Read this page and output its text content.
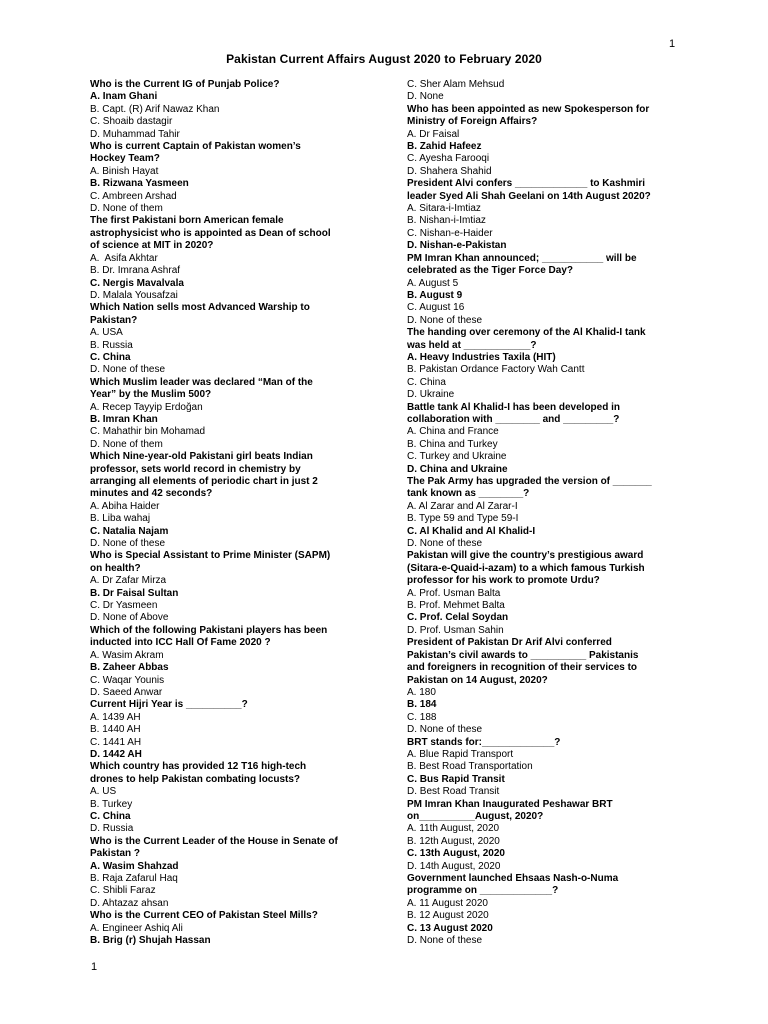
1
Pakistan Current Affairs August 2020 to February 2020
Who is the Current IG of Punjab Police?
A. Inam Ghani
B. Capt. (R) Arif Nawaz Khan
C. Shoaib dastagir
D. Muhammad Tahir
Who is current Captain of Pakistan women’s
Hockey Team?
A. Binish Hayat
B. Rizwana Yasmeen
C. Ambreen Arshad
D. None of them
The first Pakistani born American female
astrophysicist who is appointed as Dean of school
of science at MIT in 2020?
A.  Asifa Akhtar
B. Dr. Imrana Ashraf
C. Nergis Mavalvala
D. Malala Yousafzai
Which Nation sells most Advanced Warship to
Pakistan?
A. USA
B. Russia
C. China
D. None of these
Which Muslim leader was declared “Man of the
Year” by the Muslim 500?
A. Recep Tayyip Erdoğan
B. Imran Khan
C. Mahathir bin Mohamad
D. None of them
Which Nine-year-old Pakistani girl beats Indian
professor, sets world record in chemistry by
arranging all elements of periodic chart in just 2
minutes and 42 seconds?
A. Abiha Haider
B. Liba wahaj
C. Natalia Najam
D. None of these
Who is Special Assistant to Prime Minister (SAPM)
on health?
A. Dr Zafar Mirza
B. Dr Faisal Sultan
C. Dr Yasmeen
D. None of Above
Which of the following Pakistani players has been
inducted into ICC Hall Of Fame 2020 ?
A. Wasim Akram
B. Zaheer Abbas
C. Waqar Younis
D. Saeed Anwar
Current Hijri Year is __________?
A. 1439 AH
B. 1440 AH
C. 1441 AH
D. 1442 AH
Which country has provided 12 T16 high-tech
drones to help Pakistan combating locusts?
A. US
B. Turkey
C. China
D. Russia
Who is the Current Leader of the House in Senate of
Pakistan ?
A. Wasim Shahzad
B. Raja Zafarul Haq
C. Shibli Faraz
D. Ahtazaz ahsan
Who is the Current CEO of Pakistan Steel Mills?
A. Engineer Ashiq Ali
B. Brig (r) Shujah Hassan
C. Sher Alam Mehsud
D. None
Who has been appointed as new Spokesperson for
Ministry of Foreign Affairs?
A. Dr Faisal
B. Zahid Hafeez
C. Ayesha Farooqi
D. Shahera Shahid
President Alvi confers _____________ to Kashmiri
leader Syed Ali Shah Geelani on 14th August 2020?
A. Sitara-i-Imtiaz
B. Nishan-i-Imtiaz
C. Nishan-e-Haider
D. Nishan-e-Pakistan
PM Imran Khan announced; ___________ will be
celebrated as the Tiger Force Day?
A. August 5
B. August 9
C. August 16
D. None of these
The handing over ceremony of the Al Khalid-I tank
was held at ____________?
A. Heavy Industries Taxila (HIT)
B. Pakistan Ordance Factory Wah Cantt
C. China
D. Ukraine
Battle tank Al Khalid-I has been developed in
collaboration with ________ and _________?
A. China and France
B. China and Turkey
C. Turkey and Ukraine
D. China and Ukraine
The Pak Army has upgraded the version of _______
tank known as ________?
A. Al Zarar and Al Zarar-I
B. Type 59 and Type 59-I
C. Al Khalid and Al Khalid-I
D. None of these
Pakistan will give the country’s prestigious award
(Sitara-e-Quaid-i-azam) to a which famous Turkish
professor for his work to promote Urdu?
A. Prof. Usman Balta
B. Prof. Mehmet Balta
C. Prof. Celal Soydan
D. Prof. Usman Sahin
President of Pakistan Dr Arif Alvi conferred
Pakistan’s civil awards to __________ Pakistanis
and foreigners in recognition of their services to
Pakistan on 14 August, 2020?
A. 180
B. 184
C. 188
D. None of these
BRT stands for:_____________?
A. Blue Rapid Transport
B. Best Road Transportation
C. Bus Rapid Transit
D. Best Road Transit
PM Imran Khan Inaugurated Peshawar BRT
on__________August, 2020?
A. 11th August, 2020
B. 12th August, 2020
C. 13th August, 2020
D. 14th August, 2020
Government launched Ehsaas Nash-o-Numa
programme on _____________?
A. 11 August 2020
B. 12 August 2020
C. 13 August 2020
D. None of these
1
